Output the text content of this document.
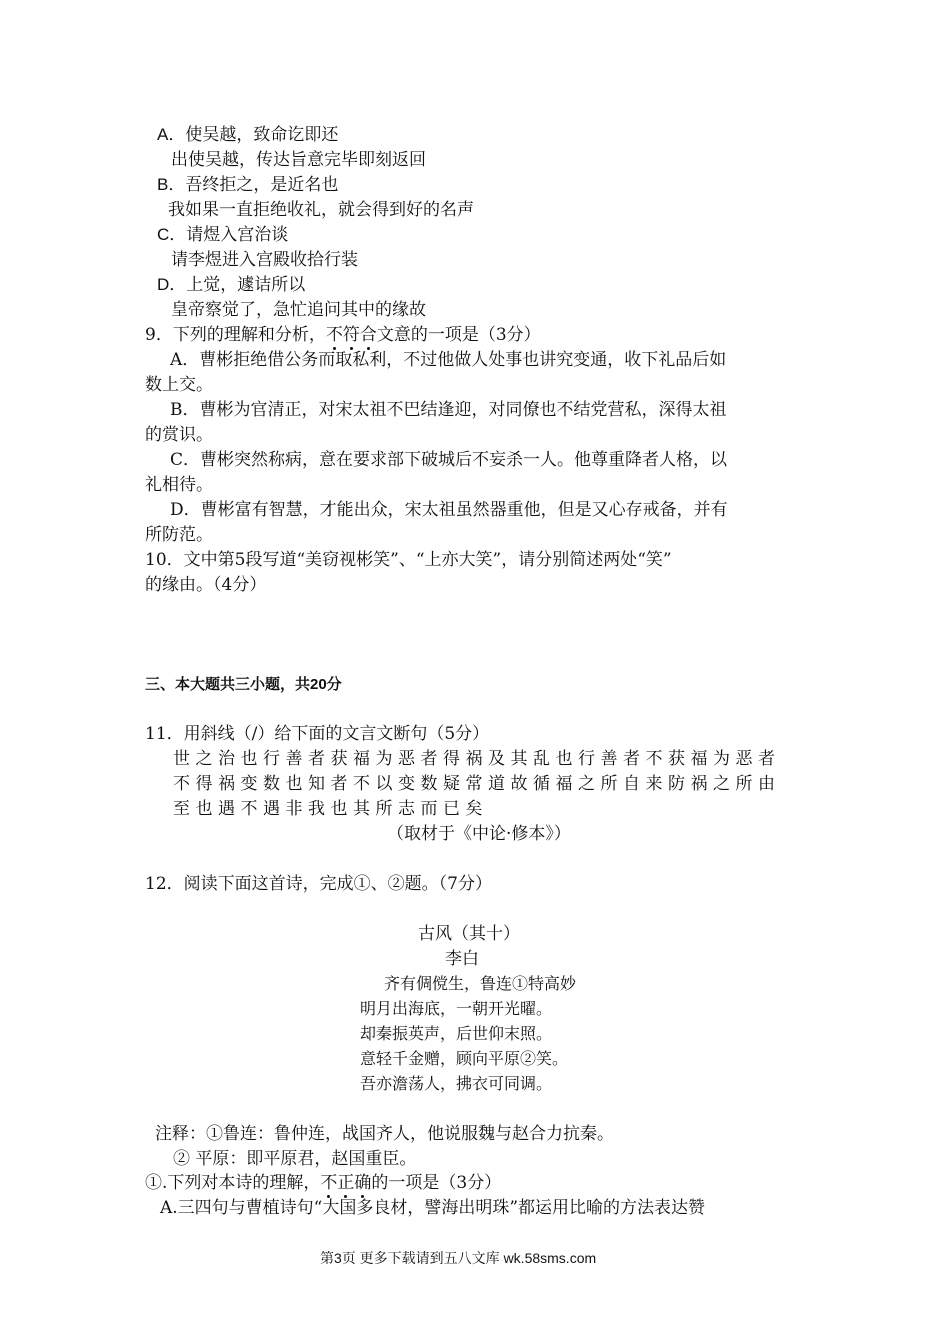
A．使吴越，致命讫即还
出使吴越，传达旨意完毕即刻返回
B．吾终拒之，是近名也
我如果一直拒绝收礼，就会得到好的名声
C．请煜入宫治谈
请李煜进入宫殿收拾行装
D．上觉，遽诘所以
皇帝察觉了，急忙追问其中的缘故
9．下列的理解和分析，不符合文意的一项是（3分）
A．曹彬拒绝借公务而取私利，不过他做人处事也讲究变通，收下礼品后如
数上交。
B．曹彬为官清正，对宋太祖不巴结逢迎，对同僚也不结党营私，深得太祖
的赏识。
C．曹彬突然称病，意在要求部下破城后不妄杀一人。他尊重降者人格，以
礼相待。
D．曹彬富有智慧，才能出众，宋太祖虽然器重他，但是又心存戒备，并有
所防范。
10．文中第5段写道“美窃视彬笑”、“上亦大笑”，请分别简述两处“笑”
的缘由。（4分）
三、本大题共三小题，共20分
11．用斜线（/）给下面的文言文断句（5分）
世之治也行善者获福为恶者得祸及其乱也行善者不获福为恶者
不得祸变数也知者不以变数疑常道故循福之所自来防祸之所由
至也遇不遇非我也其所志而已矣
（取材于《中论·修本》）
12．阅读下面这首诗，完成①、②题。（7分）
古风（其十）
李白
齐有倜傥生，鲁连①特高妙
明月出海底，一朝开光曜。
却秦振英声，后世仰末照。
意轻千金赠，顾向平原②笑。
吾亦澹荡人，拂衣可同调。
注释：①鲁连：鲁仲连，战国齐人，他说服魏与赵合力抗秦。
② 平原：即平原君，赵国重臣。
①.下列对本诗的理解，不正确的一项是（3分）
A.三四句与曹植诗句“大国多良材，譬海出明珠”都运用比喻的方法表达赞
第3页 更多下载请到五八文库 wk.58sms.com
